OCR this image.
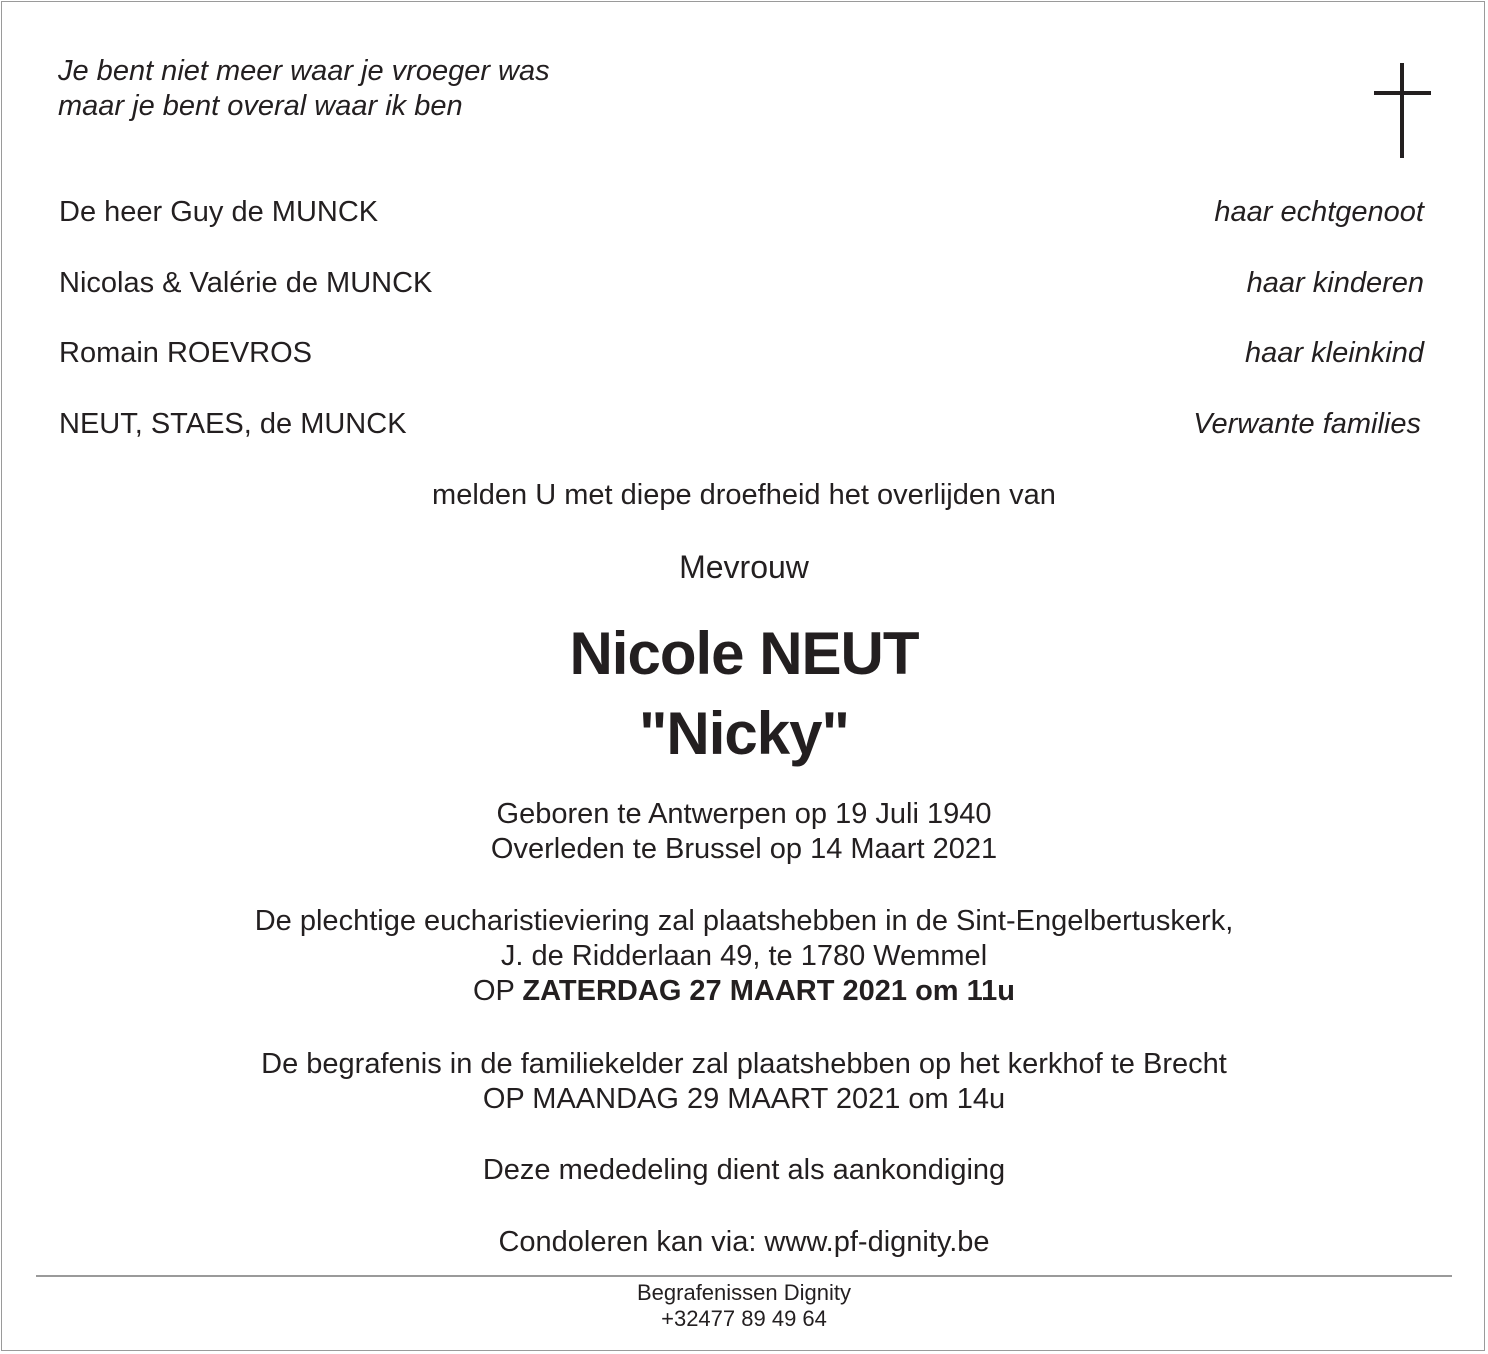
Je bent niet meer waar je vroeger was
maar je bent overal waar ik ben
De heer Guy de MUNCK	haar echtgenoot
Nicolas & Valérie de MUNCK	haar kinderen
Romain ROEVROS	haar kleinkind
NEUT, STAES, de MUNCK	Verwante families
melden U met diepe droefheid het overlijden van
Mevrouw
Nicole NEUT
"Nicky"
Geboren te Antwerpen op 19 Juli 1940
Overleden te Brussel op 14 Maart 2021
De plechtige eucharistieviering zal plaatshebben in de Sint-Engelbertuskerk,
J. de Ridderlaan 49, te 1780 Wemmel
OP ZATERDAG 27 MAART 2021 om 11u
De begrafenis in de familiekelder zal plaatshebben op het kerkhof te Brecht
OP MAANDAG 29 MAART 2021 om 14u
Deze mededeling dient als aankondiging
Condoleren kan via: www.pf-dignity.be
Begrafenissen Dignity
+32477 89 49 64
